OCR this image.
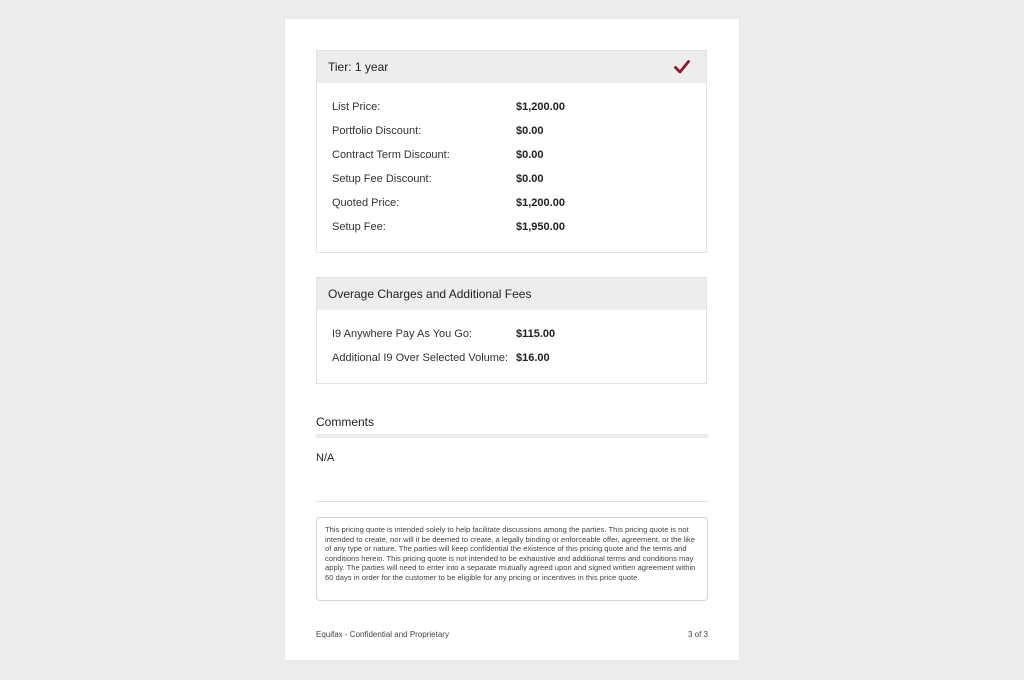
Tier: 1 year
List Price:	$1,200.00
Portfolio Discount:	$0.00
Contract Term Discount:	$0.00
Setup Fee Discount:	$0.00
Quoted Price:	$1,200.00
Setup Fee:	$1,950.00
Overage Charges and Additional Fees
I9 Anywhere Pay As You Go:	$115.00
Additional I9 Over Selected Volume: $16.00
Comments
N/A
This pricing quote is intended solely to help facilitate discussions among the parties. This pricing quote is not intended to create, nor will it be deemed to create, a legally binding or enforceable offer, agreement, or the like of any type or nature. The parties will keep confidential the existence of this pricing quote and the terms and conditions herein. This pricing quote is not intended to be exhaustive and additional terms and conditions may apply. The parties will need to enter into a separate mutually agreed upon and signed written agreement within 60 days in order for the customer to be eligible for any pricing or incentives in this price quote.
Equifax - Confidential and Proprietary	3 of 3
